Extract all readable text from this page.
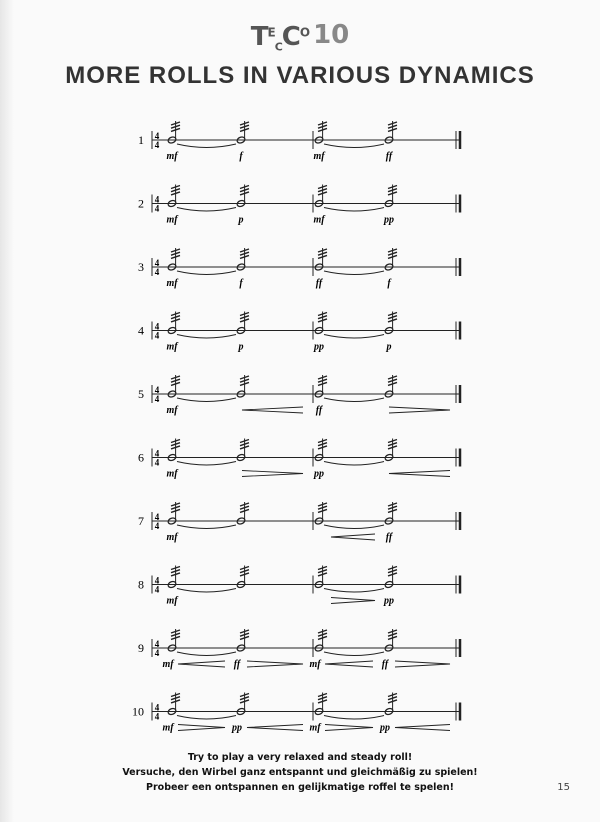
$T^E_CC^O$ 10
MORE ROLLS IN VARIOUS DYNAMICS
1 4
4
mf	f	mf	ff
2 4
4
mf	p	mf	pp
3 4
4
mf	f	ff	f
4 4
4
mf	p	pp	p
5 4
4
mf	ff
6 4
4
mf	pp
7 4
4
mf	ff
8 4
4
mf	pp
9 4
4
mf	ff	mf	ff
10 4
4
mf	pp	mf	pp
Try to play a very relaxed and steady roll!
Versuche, den Wirbel ganz entspannt und gleichmäßig zu spielen!
Probeer een ontspannen en gelijkmatige roffel te spelen!	15
